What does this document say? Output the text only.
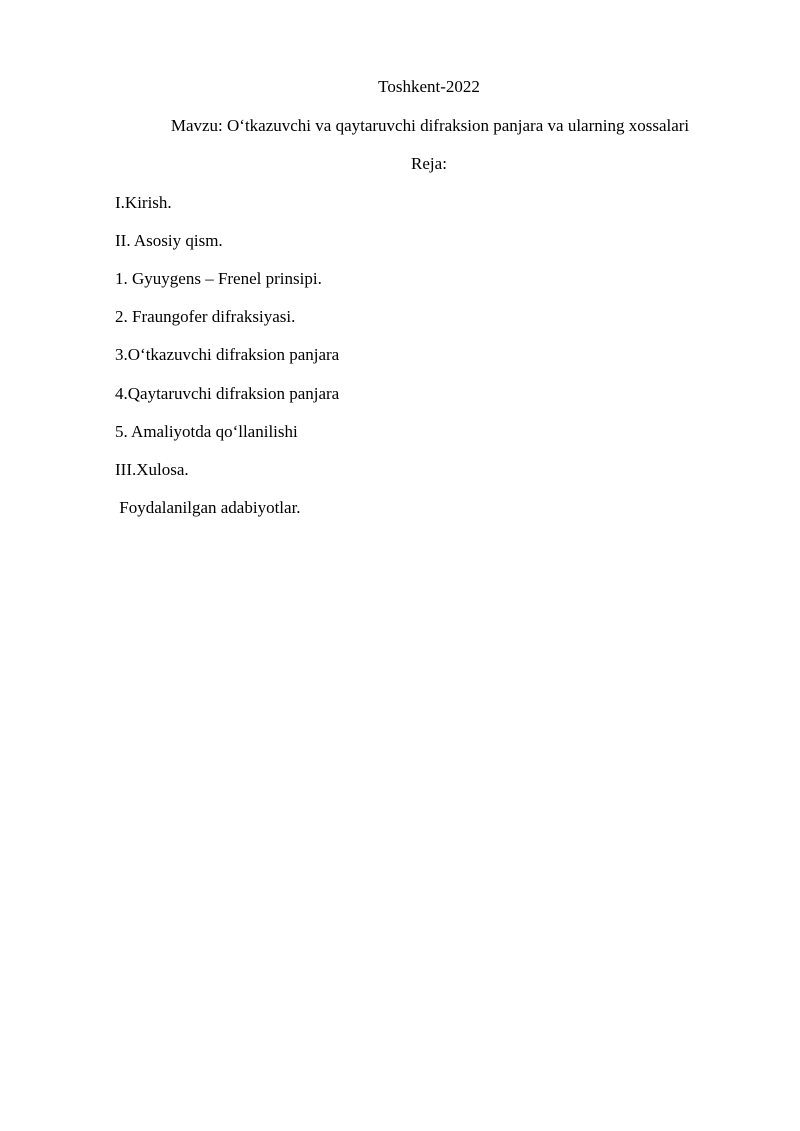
Toshkent-2022

Mavzu: O‘tkazuvchi va qaytaruvchi difraksion panjara va ularning xossalari

Reja:

I.Kirish.

II. Asosiy qism.

1. Gyuygens – Frenel prinsipi.

2. Fraungofer difraksiyasi.

3.O‘tkazuvchi difraksion panjara

4.Qaytaruvchi difraksion panjara

5. Amaliyotda qo‘llanilishi

III.Xulosa.

Foydalanilgan adabiyotlar.
